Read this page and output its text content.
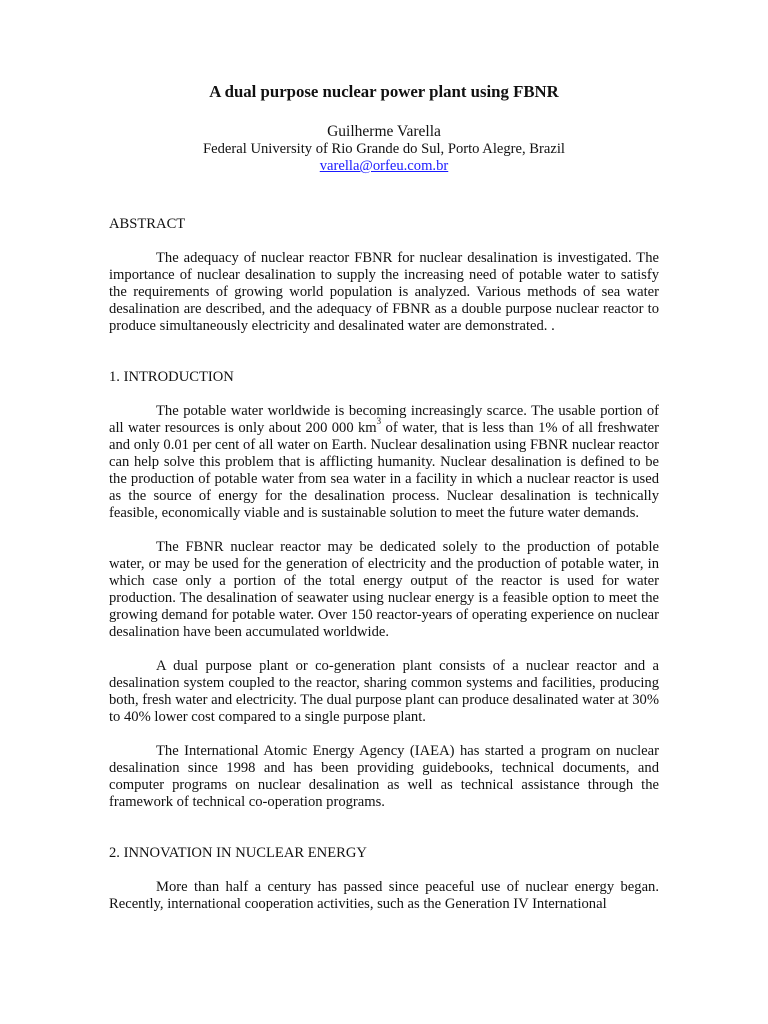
A dual purpose nuclear power plant using FBNR
Guilherme Varella
Federal University of Rio Grande do Sul, Porto Alegre, Brazil
varella@orfeu.com.br
ABSTRACT

The adequacy of nuclear reactor FBNR for nuclear desalination is investigated. The importance of nuclear desalination to supply the increasing need of potable water to satisfy the requirements of growing world population is analyzed. Various methods of sea water desalination are described, and the adequacy of FBNR as a double purpose nuclear reactor to produce simultaneously electricity and desalinated water are demonstrated. .

1. INTRODUCTION

The potable water worldwide is becoming increasingly scarce. The usable portion of all water resources is only about 200 000 $km^3$ of water, that is less than 1% of all freshwater and only 0.01 per cent of all water on Earth. Nuclear desalination using FBNR nuclear reactor can help solve this problem that is afflicting humanity. Nuclear desalination is defined to be the production of potable water from sea water in a facility in which a nuclear reactor is used as the source of energy for the desalination process. Nuclear desalination is technically feasible, economically viable and is sustainable solution to meet the future water demands.

The FBNR nuclear reactor may be dedicated solely to the production of potable water, or may be used for the generation of electricity and the production of potable water, in which case only a portion of the total energy output of the reactor is used for water production. The desalination of seawater using nuclear energy is a feasible option to meet the growing demand for potable water. Over 150 reactor-years of operating experience on nuclear desalination have been accumulated worldwide.

A dual purpose plant or co-generation plant consists of a nuclear reactor and a desalination system coupled to the reactor, sharing common systems and facilities, producing both, fresh water and electricity. The dual purpose plant can produce desalinated water at 30% to 40% lower cost compared to a single purpose plant.

The International Atomic Energy Agency (IAEA) has started a program on nuclear desalination since 1998 and has been providing guidebooks, technical documents, and computer programs on nuclear desalination as well as technical assistance through the framework of technical co-operation programs.

2. INNOVATION IN NUCLEAR ENERGY

More than half a century has passed since peaceful use of nuclear energy began. Recently, international cooperation activities, such as the Generation IV International
